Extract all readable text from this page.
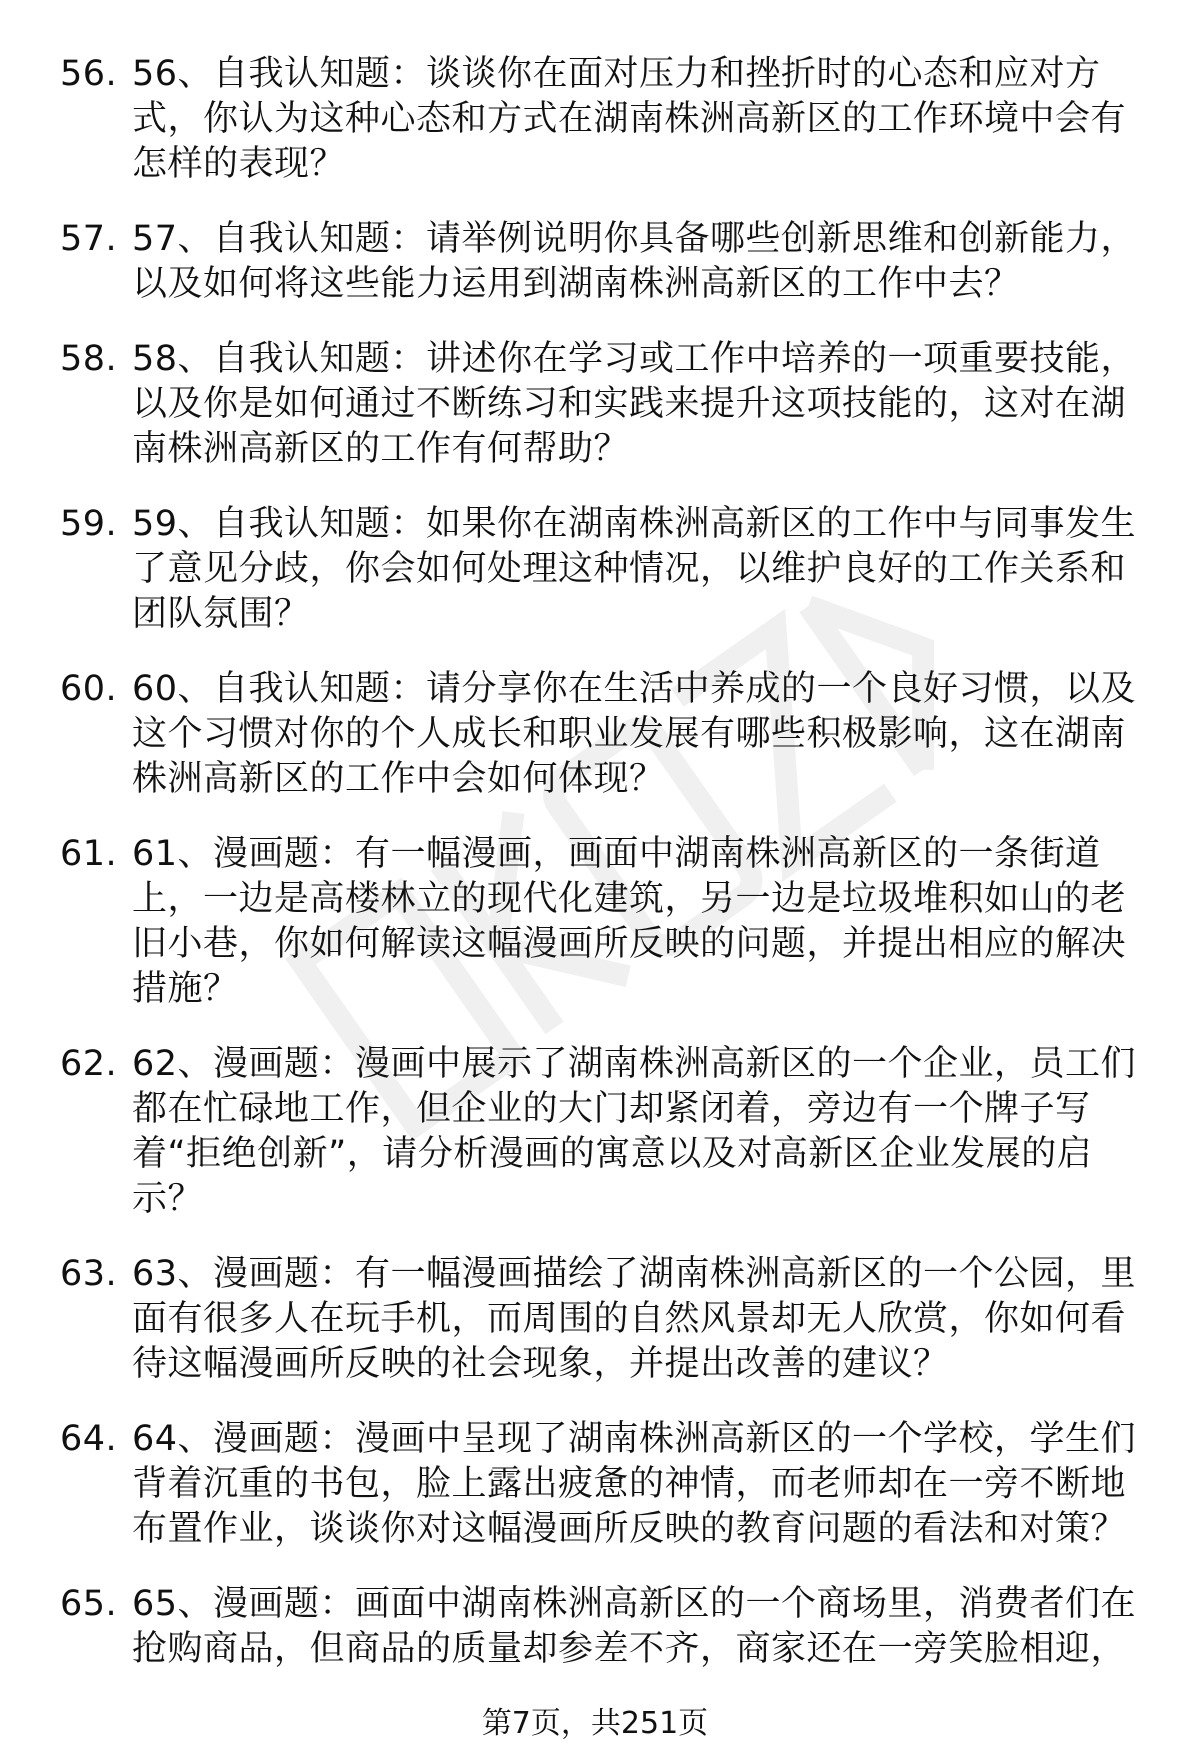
56. 56、自我认知题：谈谈你在面对压力和挫折时的心态和应对方式，你认为这种心态和方式在湖南株洲高新区的工作环境中会有怎样的表现？
57. 57、自我认知题：请举例说明你具备哪些创新思维和创新能力，以及如何将这些能力运用到湖南株洲高新区的工作中去？
58. 58、自我认知题：讲述你在学习或工作中培养的一项重要技能，以及你是如何通过不断练习和实践来提升这项技能的，这对在湖南株洲高新区的工作有何帮助？
59. 59、自我认知题：如果你在湖南株洲高新区的工作中与同事发生了意见分歧，你会如何处理这种情况，以维护良好的工作关系和团队氛围？
60. 60、自我认知题：请分享你在生活中养成的一个良好习惯，以及这个习惯对你的个人成长和职业发展有哪些积极影响，这在湖南株洲高新区的工作中会如何体现？
61. 61、漫画题：有一幅漫画，画面中湖南株洲高新区的一条街道上，一边是高楼林立的现代化建筑，另一边是垃圾堆积如山的老旧小巷，你如何解读这幅漫画所反映的问题，并提出相应的解决措施？
62. 62、漫画题：漫画中展示了湖南株洲高新区的一个企业，员工们都在忙碌地工作，但企业的大门却紧闭着，旁边有一个牌子写着“拒绝创新”，请分析漫画的寓意以及对高新区企业发展的启示？
63. 63、漫画题：有一幅漫画描绘了湖南株洲高新区的一个公园，里面有很多人在玩手机，而周围的自然风景却无人欣赏，你如何看待这幅漫画所反映的社会现象，并提出改善的建议？
64. 64、漫画题：漫画中呈现了湖南株洲高新区的一个学校，学生们背着沉重的书包，脸上露出疲惫的神情，而老师却在一旁不断地布置作业，谈谈你对这幅漫画所反映的教育问题的看法和对策？
65. 65、漫画题：画面中湖南株洲高新区的一个商场里，消费者们在抢购商品，但商品的质量却参差不齐，商家还在一旁笑脸相迎，
第7页，共251页
